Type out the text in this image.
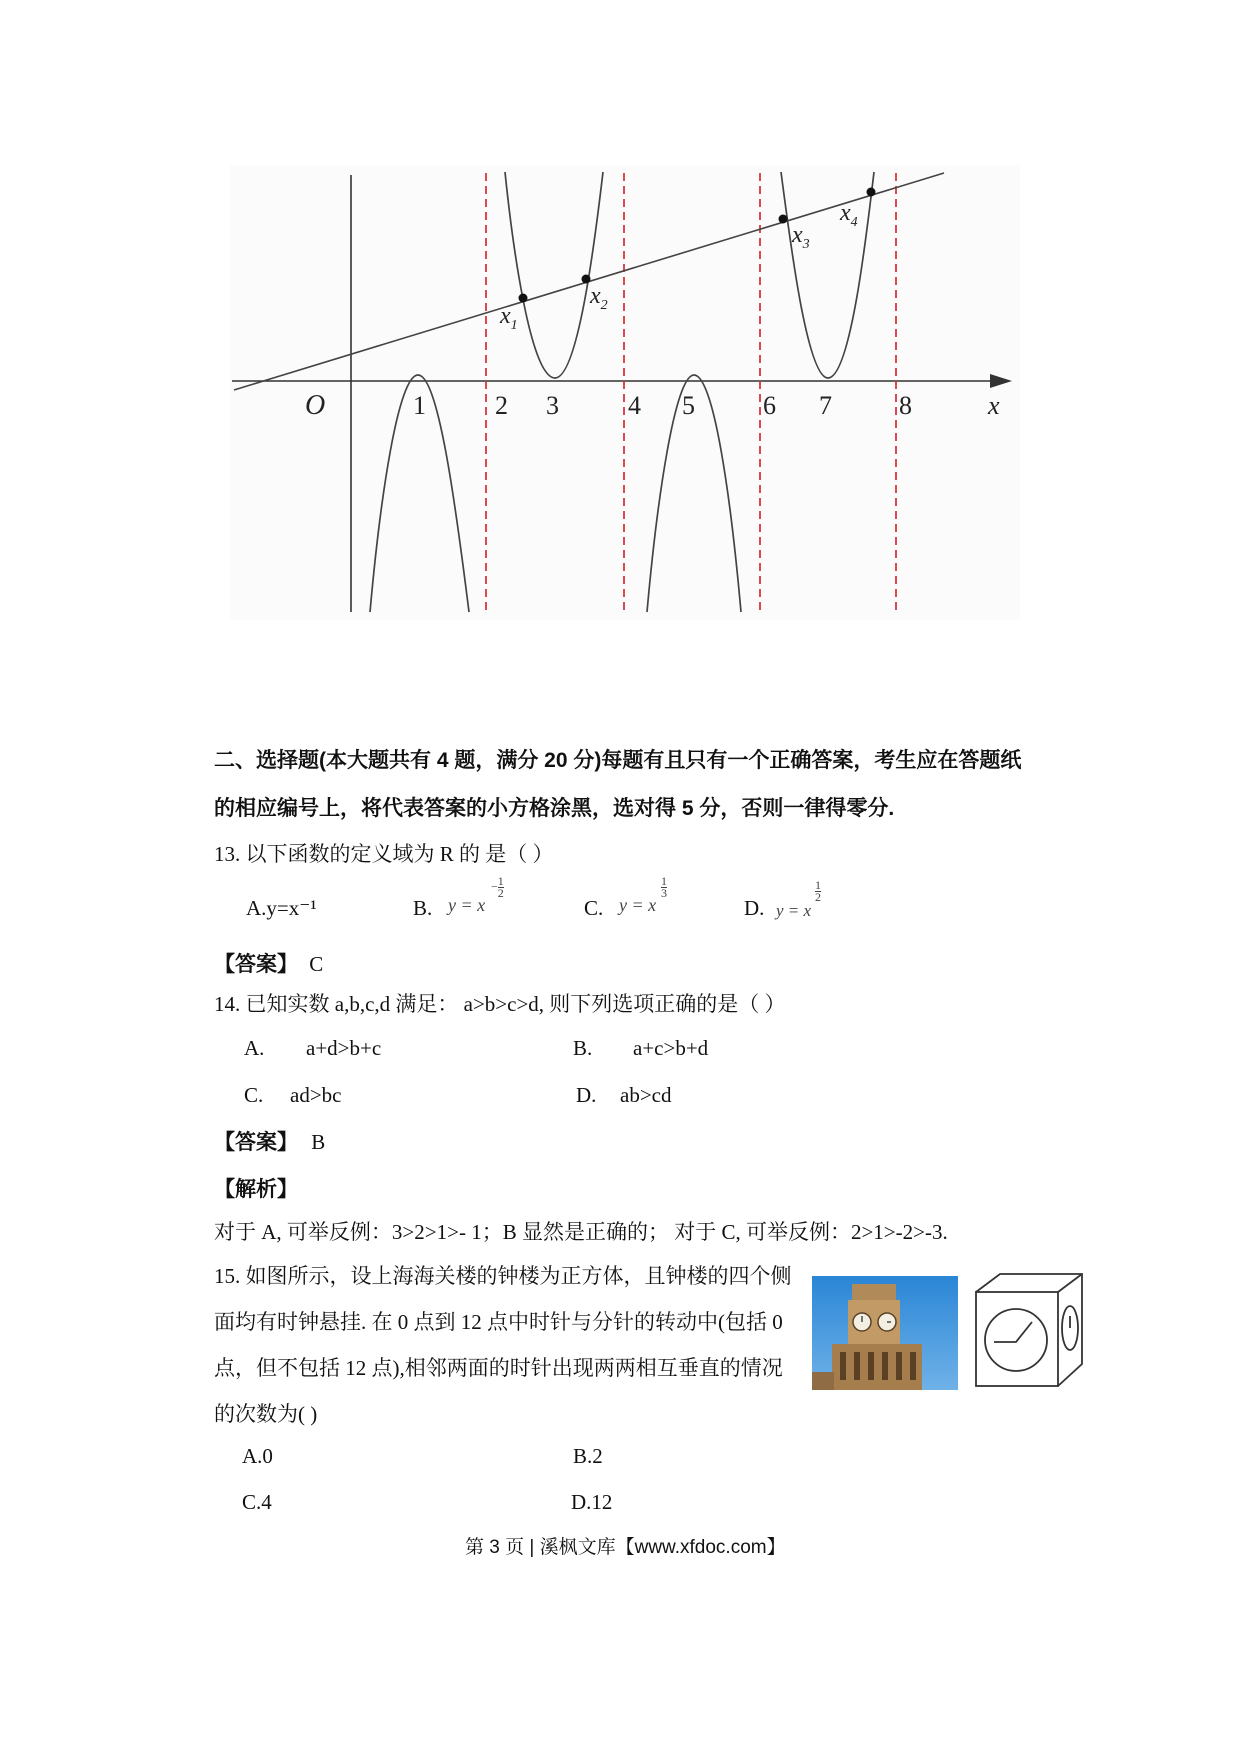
$x_1$
$x_2$
$x_3$
$x_4$
O	x
1	2 3	4 5	6 7	8
二、选择题(本大题共有 4 题，满分 20 分)每题有且只有一个正确答案，考生应在答题纸
的相应编号上，将代表答案的小方格涂黑，选对得 5 分，否则一律得零分.
13. 以下函数的定义域为 R 的 是（ ）
A.y=x⁻¹	B. y = x
− $\frac{1}{2}$
C. y = x
$\frac{1}{3}$
D. y = x
$\frac{1}{2}$
【答案】 C
14. 已知实数 a,b,c,d 满足： a>b>c>d, 则下列选项正确的是（ ）
A. a+d>b+c	B. a+c>b+d
C. ad>bc	D. ab>cd
【答案】 B
【解析】
对于 A, 可举反例：3>2>1>- 1；B 显然是正确的； 对于 C, 可举反例：2>1>-2>-3.
15. 如图所示，设上海海关楼的钟楼为正方体，且钟楼的四个侧
面均有时钟悬挂. 在 0 点到 12 点中时针与分针的转动中(包括 0
点，但不包括 12 点),相邻两面的时针出现两两相互垂直的情况
的次数为( )
A.0	B.2
C.4	D.12
第 3 页 | 溪枫文库【www.xfdoc.com】
